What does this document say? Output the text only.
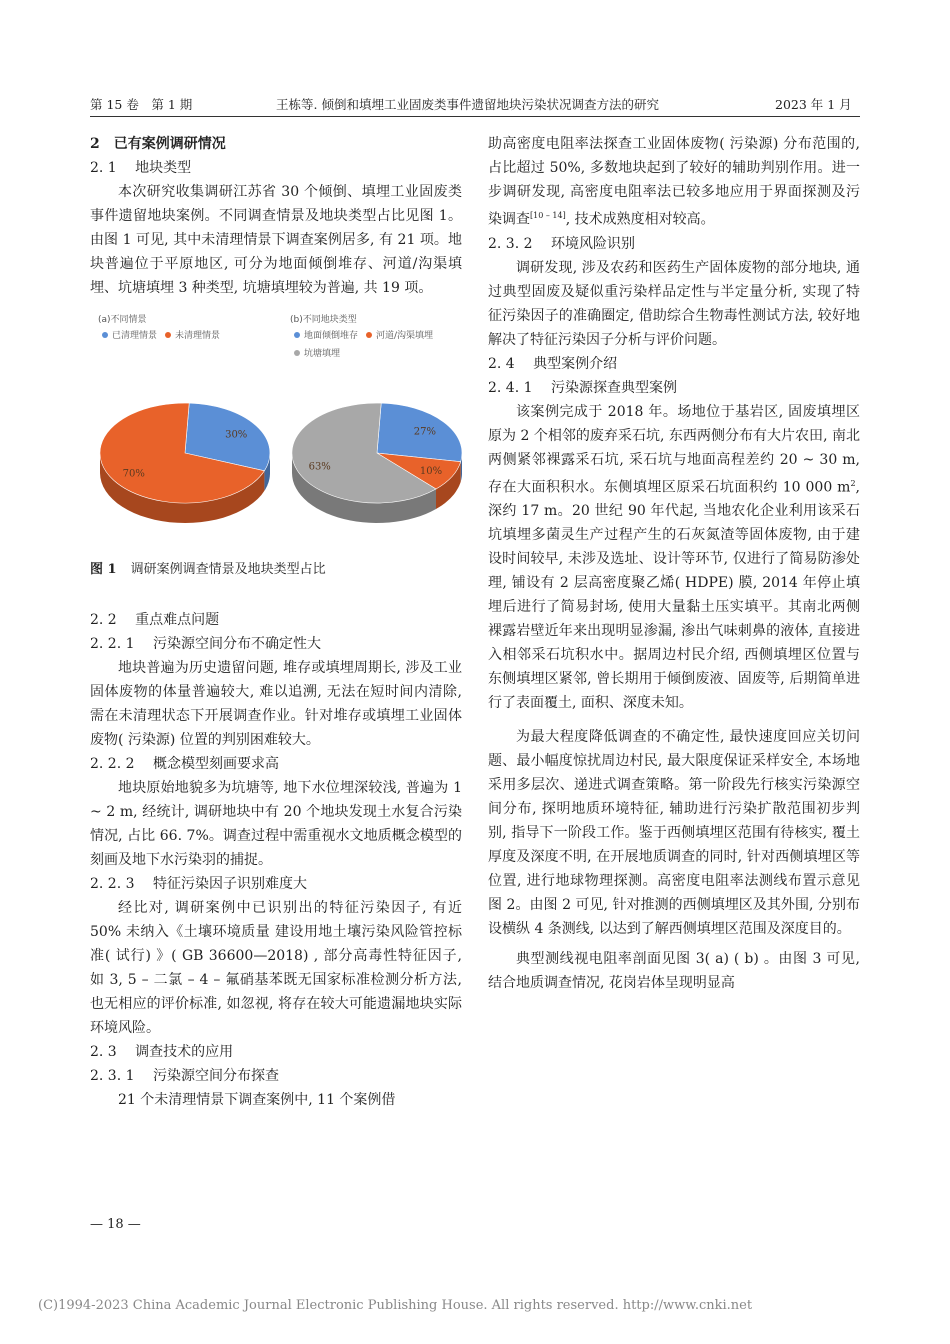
第 15 卷　第 1 期	王栋等. 倾倒和填埋工业固废类事件遗留地块污染状况调查方法的研究	2023 年 1 月

2　已有案例调研情况

2. 1　 地块类型

本次研究收集调研江苏省 30 个倾倒、填埋工业固废类事件遗留地块案例。不同调查情景及地块类型占比见图 1。由图 1 可见, 其中未清理情景下调查案例居多, 有 21 项。地块普遍位于平原地区, 可分为地面倾倒堆存、河道/沟渠填埋、坑塘填埋 3 种类型, 坑塘填埋较为普遍, 共 19 项。

(a)不同情景
已清理情景 未清理情景
30%
70%
(b)不同地块类型
地面倾倒堆存 河道/沟渠填埋
坑塘填埋
27%
10%
63%

图 1 调研案例调查情景及地块类型占比

2. 2　 重点难点问题

2. 2. 1　 污染源空间分布不确定性大

地块普遍为历史遗留问题, 堆存或填埋周期长, 涉及工业固体废物的体量普遍较大, 难以追溯, 无法在短时间内清除, 需在未清理状态下开展调查作业。针对堆存或填埋工业固体废物( 污染源) 位置的判别困难较大。

2. 2. 2　 概念模型刻画要求高

地块原始地貌多为坑塘等, 地下水位埋深较浅, 普遍为 1 ~ 2 m, 经统计, 调研地块中有 20 个地块发现土水复合污染情况, 占比 66. 7%。调查过程中需重视水文地质概念模型的刻画及地下水污染羽的捕捉。

2. 2. 3　 特征污染因子识别难度大

经比对, 调研案例中已识别出的特征污染因子, 有近 50% 未纳入《土壤环境质量 建设用地土壤污染风险管控标准( 试行) 》( GB 36600—2018) , 部分高毒性特征因子, 如 3, 5 – 二氯 – 4 – 氟硝基苯既无国家标准检测分析方法, 也无相应的评价标准, 如忽视, 将存在较大可能遗漏地块实际环境风险。

2. 3　 调查技术的应用

2. 3. 1　 污染源空间分布探查

21 个未清理情景下调查案例中, 11 个案例借

助高密度电阻率法探查工业固体废物( 污染源) 分布范围的, 占比超过 50%, 多数地块起到了较好的辅助判别作用。进一步调研发现, 高密度电阻率法已较多地应用于界面探测及污染调查[10 – 14], 技术成熟度相对较高。

2. 3. 2　 环境风险识别

调研发现, 涉及农药和医药生产固体废物的部分地块, 通过典型固废及疑似重污染样品定性与半定量分析, 实现了特征污染因子的准确圈定, 借助综合生物毒性测试方法, 较好地解决了特征污染因子分析与评价问题。

2. 4　 典型案例介绍

2. 4. 1　 污染源探查典型案例

该案例完成于 2018 年。场地位于基岩区, 固废填埋区原为 2 个相邻的废弃采石坑, 东西两侧分布有大片农田, 南北两侧紧邻裸露采石坑, 采石坑与地面高程差约 20 ~ 30 m, 存在大面积积水。东侧填埋区原采石坑面积约 10 000 $m^2$, 深约 17 m。20 世纪 90 年代起, 当地农化企业利用该采石坑填埋多菌灵生产过程产生的石灰氮渣等固体废物, 由于建设时间较早, 未涉及选址、设计等环节, 仅进行了简易防渗处理, 铺设有 2 层高密度聚乙烯( HDPE) 膜, 2014 年停止填埋后进行了简易封场, 使用大量黏土压实填平。其南北两侧裸露岩壁近年来出现明显渗漏, 渗出气味刺鼻的液体, 直接进入相邻采石坑积水中。据周边村民介绍, 西侧填埋区位置与东侧填埋区紧邻, 曾长期用于倾倒废液、固废等, 后期简单进行了表面覆土, 面积、深度未知。

为最大程度降低调查的不确定性, 最快速度回应关切问题、最小幅度惊扰周边村民, 最大限度保证采样安全, 本场地采用多层次、递进式调查策略。第一阶段先行核实污染源空间分布, 探明地质环境特征, 辅助进行污染扩散范围初步判别, 指导下一阶段工作。鉴于西侧填埋区范围有待核实, 覆土厚度及深度不明, 在开展地质调查的同时, 针对西侧填埋区等位置, 进行地球物理探测。高密度电阻率法测线布置示意见图 2。由图 2 可见, 针对推测的西侧填埋区及其外围, 分别布设横纵 4 条测线, 以达到了解西侧填埋区范围及深度目的。

典型测线视电阻率剖面见图 3( a) ( b) 。由图 3 可见, 结合地质调查情况, 花岗岩体呈现明显高

— 18 —
(C)1994-2023 China Academic Journal Electronic Publishing House. All rights reserved. http://www.cnki.net
